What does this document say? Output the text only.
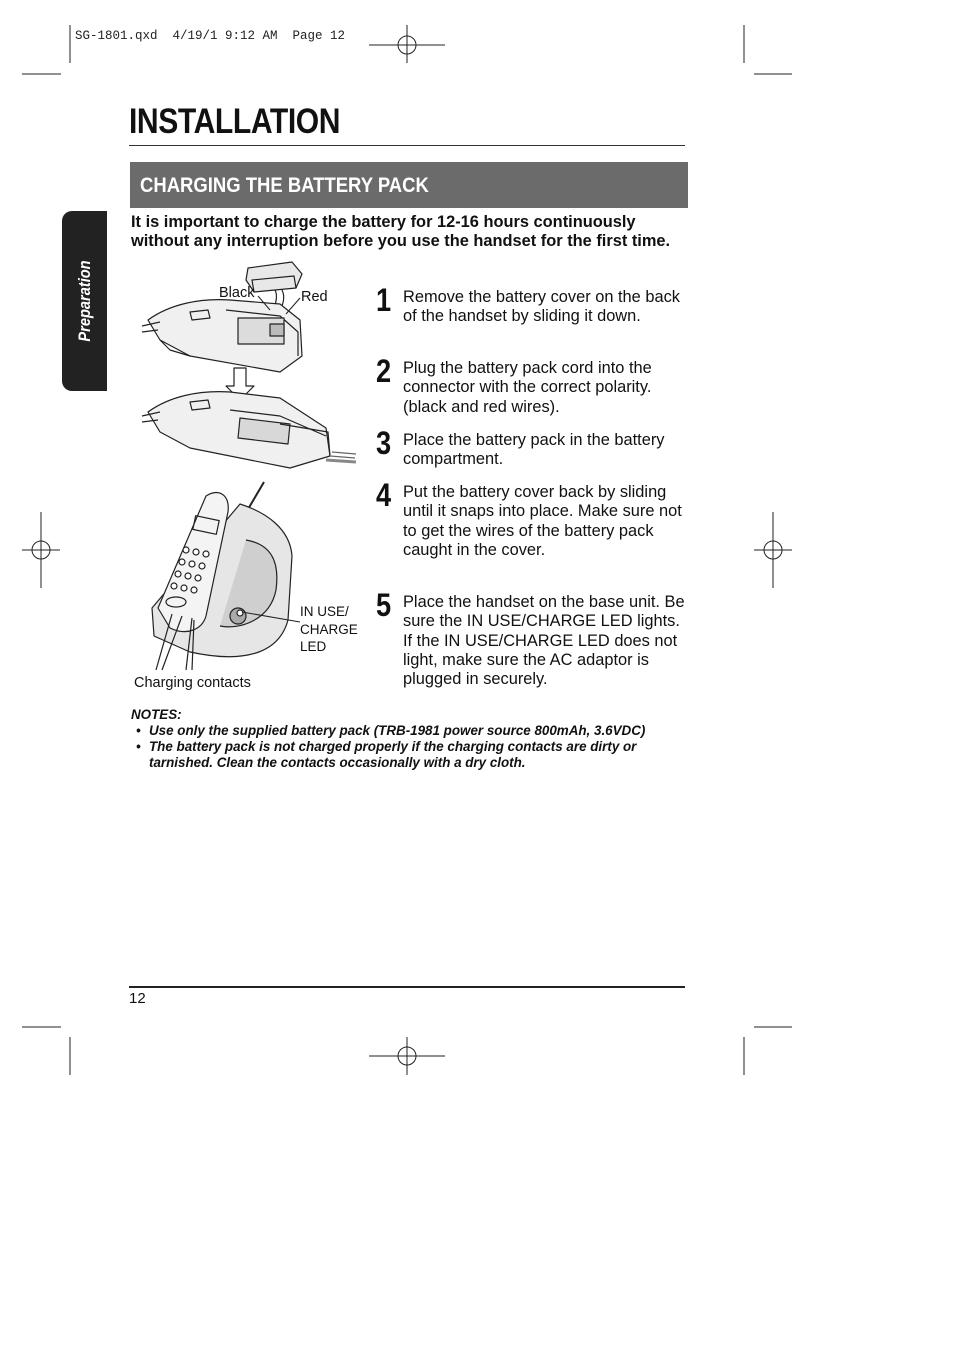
SG-1801.qxd  4/19/1 9:12 AM  Page 12
INSTALLATION
CHARGING THE BATTERY PACK
Preparation
It is important to charge the battery for 12-16 hours continuously without any interruption before you use the handset for the first time.
Black	Red
IN USE/
CHARGE
LED
Charging contacts
1 Remove the battery cover on the back of the handset by sliding it down.
2 Plug the battery pack cord into the connector with the correct polarity. (black and red wires).
3 Place the battery pack in the battery compartment.
4 Put the battery cover back by sliding until it snaps into place. Make sure not to get the wires of the battery pack caught in the cover.
5 Place the handset on the base unit. Be sure the IN USE/CHARGE LED lights.
If the IN USE/CHARGE LED does not light, make sure the AC adaptor is plugged in securely.
NOTES:
• Use only the supplied battery pack (TRB-1981 power source 800mAh, 3.6VDC)
• The battery pack is not charged properly if the charging contacts are dirty or tarnished. Clean the contacts occasionally with a dry cloth.
12
